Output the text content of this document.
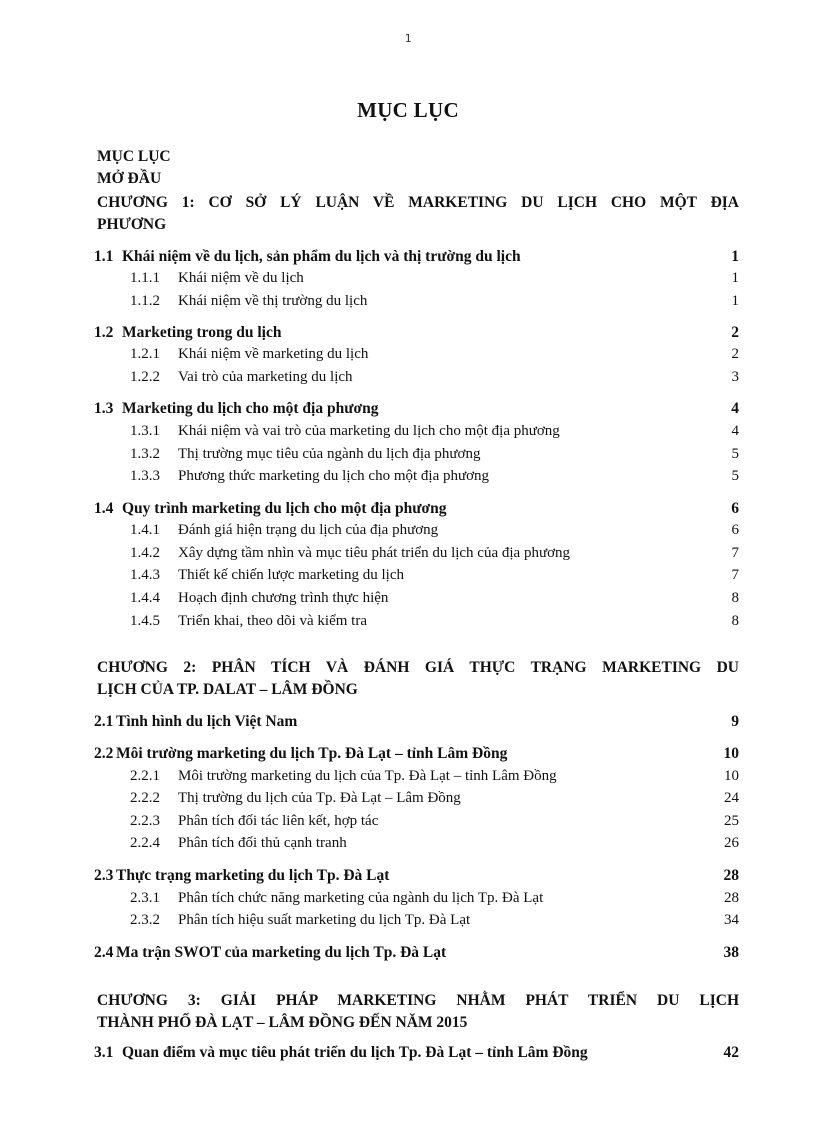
1
MỤC LỤC
MỤC LỤC
MỞ ĐẦU
CHƯƠNG 1: CƠ SỞ LÝ LUẬN VỀ MARKETING DU LỊCH CHO MỘT ĐỊA
PHƯƠNG
1.1 Khái niệm về du lịch, sản phẩm du lịch và thị trường du lịch	1
1.1.1	Khái niệm về du lịch	1
1.1.2	Khái niệm về thị trường du lịch	1
1.2 Marketing trong du lịch	2
1.2.1	Khái niệm về marketing du lịch	2
1.2.2	Vai trò của marketing du lịch	3
1.3 Marketing du lịch cho một địa phương	4
1.3.1	Khái niệm và vai trò của marketing du lịch cho một địa phương	4
1.3.2	Thị trường mục tiêu của ngành du lịch địa phương	5
1.3.3	Phương thức marketing du lịch cho một địa phương	5
1.4 Quy trình marketing du lịch cho một địa phương	6
1.4.1	Đánh giá hiện trạng du lịch của địa phương	6
1.4.2	Xây dựng tầm nhìn và mục tiêu phát triển du lịch của địa phương	7
1.4.3	Thiết kế chiến lược marketing du lịch	7
1.4.4	Hoạch định chương trình thực hiện	8
1.4.5	Triển khai, theo dõi và kiểm tra	8
CHƯƠNG 2: PHÂN TÍCH VÀ ĐÁNH GIÁ THỰC TRẠNG MARKETING DU
LỊCH CỦA TP. DALAT – LÂM ĐỒNG
2.1 Tình hình du lịch Việt Nam	9
2.2 Môi trường marketing du lịch Tp. Đà Lạt – tỉnh Lâm Đồng	10
2.2.1	Môi trường marketing du lịch của Tp. Đà Lạt – tỉnh Lâm Đồng	10
2.2.2	Thị trường du lịch của Tp. Đà Lạt – Lâm Đồng	24
2.2.3	Phân tích đối tác liên kết, hợp tác	25
2.2.4	Phân tích đối thủ cạnh tranh	26
2.3 Thực trạng marketing du lịch Tp. Đà Lạt	28
2.3.1	Phân tích chức năng marketing của ngành du lịch Tp. Đà Lạt	28
2.3.2	Phân tích hiệu suất marketing du lịch Tp. Đà Lạt	34
2.4 Ma trận SWOT của marketing du lịch Tp. Đà Lạt	38
CHƯƠNG 3: GIẢI PHÁP MARKETING NHẰM PHÁT TRIỂN DU LỊCH
THÀNH PHỐ ĐÀ LẠT – LÂM ĐỒNG ĐẾN NĂM 2015
3.1 Quan điểm và mục tiêu phát triển du lịch Tp. Đà Lạt – tỉnh Lâm Đồng	42
